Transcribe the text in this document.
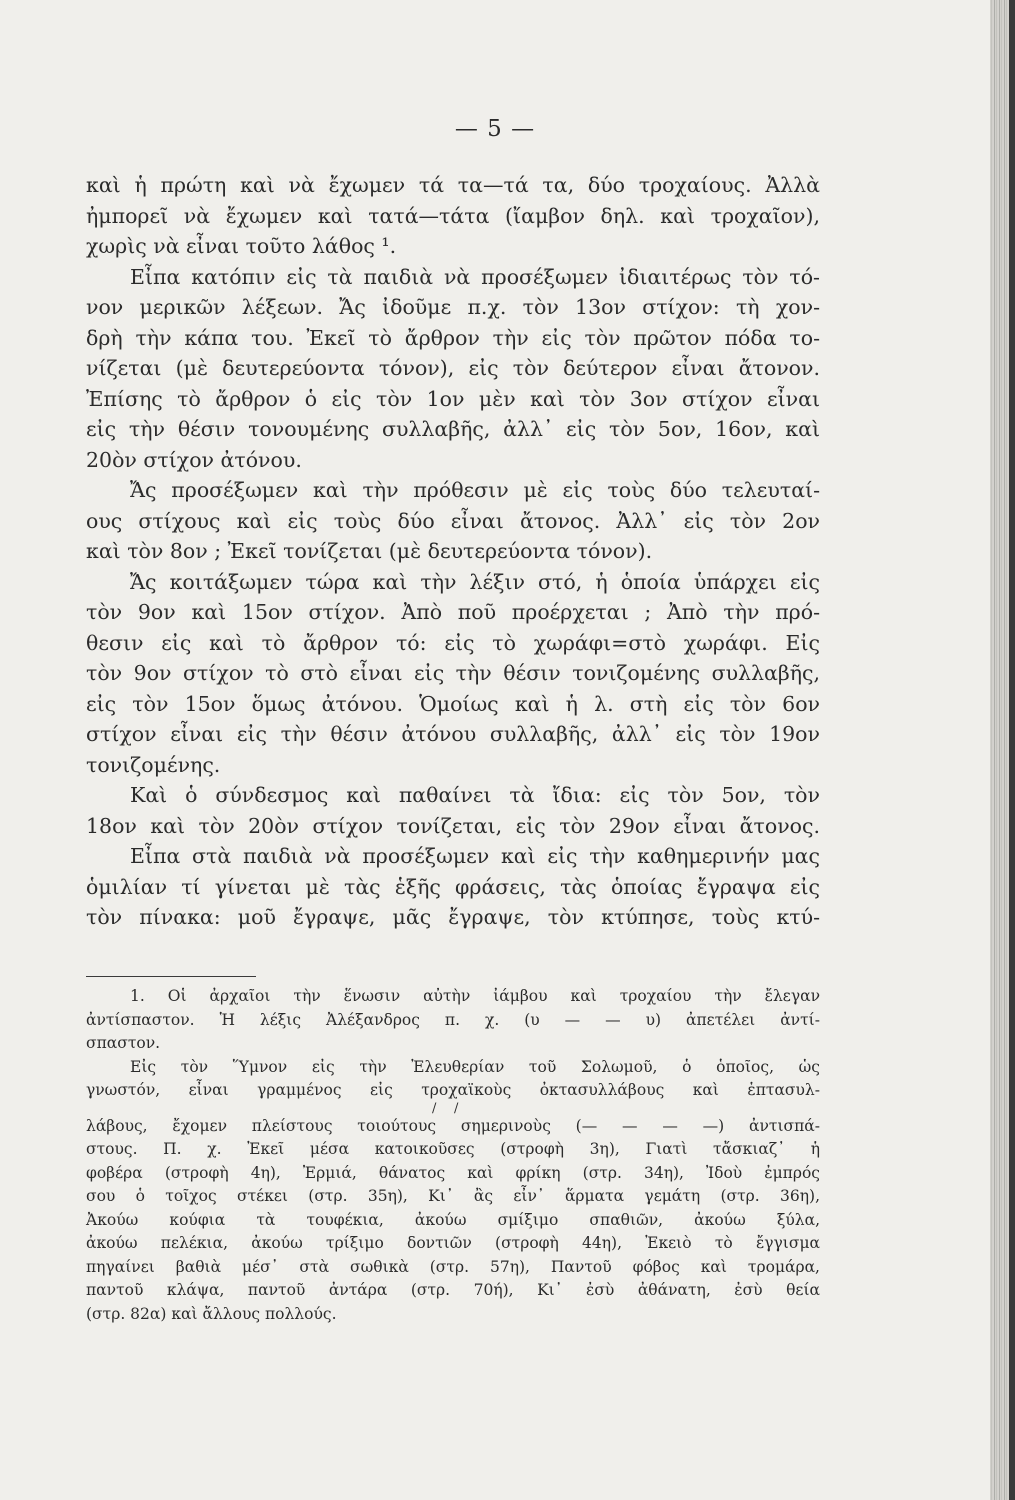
— 5 —
καὶ ἡ πρώτη καὶ νὰ ἔχωμεν τά τα—τά τα, δύο τροχαίους. Ἀλλὰ
ἠμπορεῖ νὰ ἔχωμεν καὶ τατά—τάτα (ἴαμβον δηλ. καὶ τροχαῖον),
χωρὶς νὰ εἶναι τοῦτο λάθος ¹.
Εἶπα κατόπιν εἰς τὰ παιδιὰ νὰ προσέξωμεν ἰδιαιτέρως τὸν τό-
νον μερικῶν λέξεων. Ἄς ἰδοῦμε π.χ. τὸν 13ον στίχον: τὴ χον-
δρὴ τὴν κάπα του. Ἐκεῖ τὸ ἄρθρον τὴν εἰς τὸν πρῶτον πόδα το-
νίζεται (μὲ δευτερεύοντα τόνον), εἰς τὸν δεύτερον εἶναι ἄτονον.
Ἐπίσης τὸ ἄρθρον ὁ εἰς τὸν 1ον μὲν καὶ τὸν 3ον στίχον εἶναι
εἰς τὴν θέσιν τονουμένης συλλαβῆς, ἀλλ᾽ εἰς τὸν 5ον, 16ον, καὶ
20ὸν στίχον ἀτόνου.
Ἄς προσέξωμεν καὶ τὴν πρόθεσιν μὲ εἰς τοὺς δύο τελευταί-
ους στίχους καὶ εἰς τοὺς δύο εἶναι ἄτονος. Ἀλλ᾽ εἰς τὸν 2ον
καὶ τὸν 8ον ; Ἐκεῖ τονίζεται (μὲ δευτερεύοντα τόνον).
Ἄς κοιτάξωμεν τώρα καὶ τὴν λέξιν στό, ἡ ὁποία ὑπάρχει εἰς
τὸν 9ον καὶ 15ον στίχον. Ἀπὸ ποῦ προέρχεται ; Ἀπὸ τὴν πρό-
θεσιν εἰς καὶ τὸ ἄρθρον τό: εἰς τὸ χωράφι=στὸ χωράφι. Εἰς
τὸν 9ον στίχον τὸ στὸ εἶναι εἰς τὴν θέσιν τονιζομένης συλλαβῆς,
εἰς τὸν 15ον ὅμως ἀτόνου. Ὁμοίως καὶ ἡ λ. στὴ εἰς τὸν 6ον
στίχον εἶναι εἰς τὴν θέσιν ἀτόνου συλλαβῆς, ἀλλ᾽ εἰς τὸν 19ον
τονιζομένης.
Καὶ ὁ σύνδεσμος καὶ παθαίνει τὰ ἴδια: εἰς τὸν 5ον, τὸν
18ον καὶ τὸν 20ὸν στίχον τονίζεται, εἰς τὸν 29ον εἶναι ἄτονος.
Εἶπα στὰ παιδιὰ νὰ προσέξωμεν καὶ εἰς τὴν καθημερινήν μας
ὁμιλίαν τί γίνεται μὲ τὰς ἑξῆς φράσεις, τὰς ὁποίας ἔγραψα εἰς
τὸν πίνακα: μοῦ ἔγραψε, μᾶς ἔγραψε, τὸν κτύπησε, τοὺς κτύ-
1. Οἱ ἀρχαῖοι τὴν ἕνωσιν αὐτὴν ἰάμβου καὶ τροχαίου τὴν ἔλεγαν
ἀντίσπαστον. Ἡ λέξις Ἀλέξανδρος π. χ. (υ — — υ) ἀπετέλει ἀντί-
σπαστον.
Εἰς τὸν Ὕμνον εἰς τὴν Ἐλευθερίαν τοῦ Σολωμοῦ, ὁ ὁποῖος, ὡς
γνωστόν, εἶναι γραμμένος εἰς τροχαϊκοὺς ὀκτασυλλάβους καὶ ἑπτασυλ-
/ /
λάβους, ἔχομεν πλείστους τοιούτους σημερινοὺς (— — — —) ἀντισπά-
στους. Π. χ. Ἐκεῖ μέσα κατοικοῦσες (στροφὴ 3η), Γιατὶ τἄσκιαζ᾽ ἡ
φοβέρα (στροφὴ 4η), Ἐρμιά, θάνατος καὶ φρίκη (στρ. 34η), Ἰδοὺ ἐμπρός
σου ὁ τοῖχος στέκει (στρ. 35η), Κι᾽ ἂς εἶν᾽ ἅρματα γεμάτη (στρ. 36η),
Ἀκούω κούφια τὰ τουφέκια, ἀκούω σμίξιμο σπαθιῶν, ἀκούω ξύλα,
ἀκούω πελέκια, ἀκούω τρίξιμο δοντιῶν (στροφὴ 44η), Ἐκειὸ τὸ ἔγγισμα
πηγαίνει βαθιὰ μέσ᾽ στὰ σωθικὰ (στρ. 57η), Παντοῦ φόβος καὶ τρομάρα,
παντοῦ κλάψα, παντοῦ ἀντάρα (στρ. 70ή), Κι᾽ ἐσὺ ἀθάνατη, ἐσὺ θεία
(στρ. 82α) καὶ ἄλλους πολλούς.
